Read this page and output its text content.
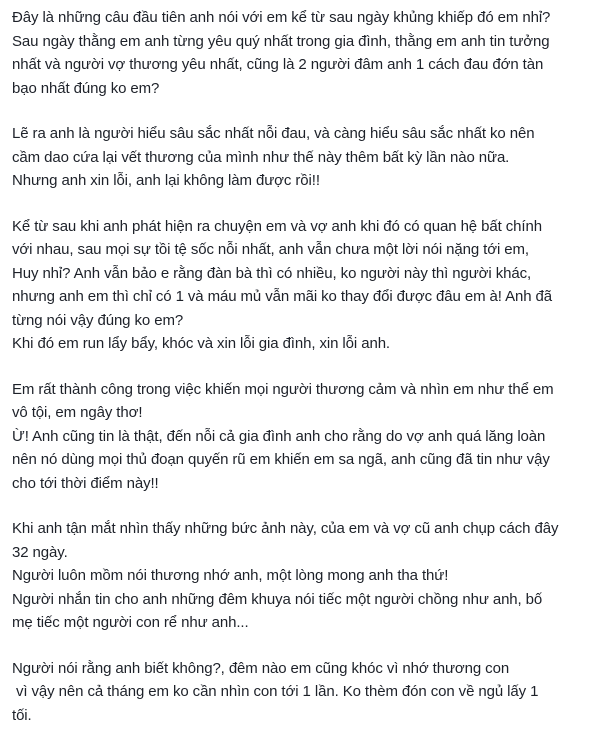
Đây là những câu đầu tiên anh nói với em kể từ sau ngày khủng khiếp đó em nhỉ?
Sau ngày thằng em anh từng yêu quý nhất trong gia đình, thằng em anh tin tưởng
nhất và người vợ thương yêu nhất, cũng là 2 người đâm anh 1 cách đau đớn tàn
bạo nhất đúng ko em?
Lẽ ra anh là người hiểu sâu sắc nhất nỗi đau, và càng hiểu sâu sắc nhất ko nên
cầm dao cứa lại vết thương của mình như thế này thêm bất kỳ lần nào nữa.
Nhưng anh xin lỗi, anh lại không làm được rồi!!
Kể từ sau khi anh phát hiện ra chuyện em và vợ anh khi đó có quan hệ bất chính
với nhau, sau mọi sự tồi tệ sốc nỗi nhất, anh vẫn chưa một lời nói nặng tới em,
Huy nhỉ? Anh vẫn bảo e rằng đàn bà thì có nhiều, ko người này thì người khác,
nhưng anh em thì chỉ có 1 và máu mủ vẫn mãi ko thay đổi được đâu em à! Anh đã
từng nói vậy đúng ko em?
Khi đó em run lẩy bẩy, khóc và xin lỗi gia đình, xin lỗi anh.
Em rất thành công trong việc khiến mọi người thương cảm và nhìn em như thể em
vô tội, em ngây thơ!
Ừ! Anh cũng tin là thật, đến nỗi cả gia đình anh cho rằng do vợ anh quá lăng loàn
nên nó dùng mọi thủ đoạn quyến rũ em khiến em sa ngã, anh cũng đã tin như vậy
cho tới thời điểm này!!
Khi anh tận mắt nhìn thấy những bức ảnh này, của em và vợ cũ anh chụp cách đây
32 ngày.
Người luôn mồm nói thương nhớ anh, một lòng mong anh tha thứ!
Người nhắn tin cho anh những đêm khuya nói tiếc một người chồng như anh, bố
mẹ tiếc một người con rể như anh...
Người nói rằng anh biết không?, đêm nào em cũng khóc vì nhớ thương con
vì vậy nên cả tháng em ko cần nhìn con tới 1 lần. Ko thèm đón con về ngủ lấy 1
tối.
